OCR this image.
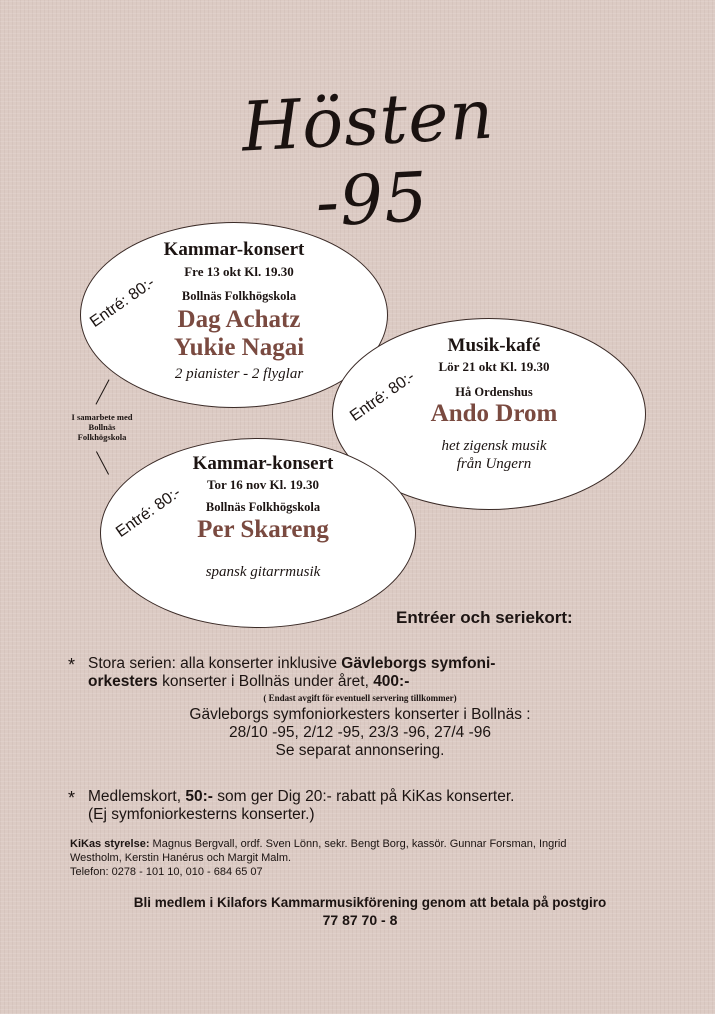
Hösten -95
Entré: 80:-
Kammar-konsert
Fre 13 okt Kl. 19.30
Bollnäs Folkhögskola
Dag Achatz
Yukie Nagai
2 pianister - 2 flyglar	Entré: 80:-
Musik-kafé
Lör 21 okt Kl. 19.30
Hå Ordenshus
Ando Drom
het zigensk musik
från Ungern
Entré: 80:-
Kammar-konsert
Tor 16 nov Kl. 19.30
Bollnäs Folkhögskola
Per Skareng
spansk gitarrmusik
I samarbete med
Bollnäs
Folkhögskola
Entréer och seriekort:
* Stora serien: alla konserter inklusive Gävleborgs symfoni-
orkesters konserter i Bollnäs under året, 400:-
( Endast avgift för eventuell servering tillkommer)
Gävleborgs symfoniorkesters konserter i Bollnäs :
28/10 -95, 2/12 -95, 23/3 -96, 27/4 -96
Se separat annonsering.
* Medlemskort, 50:- som ger Dig 20:- rabatt på KiKas konserter.
(Ej symfoniorkesterns konserter.)
KiKas styrelse: Magnus Bergvall, ordf. Sven Lönn, sekr. Bengt Borg, kassör. Gunnar Forsman, Ingrid
Westholm, Kerstin Hanérus och Margit Malm.
Telefon: 0278 - 101 10, 010 - 684 65 07
Bli medlem i Kilafors Kammarmusikförening genom att betala på postgiro
77 87 70 - 8
